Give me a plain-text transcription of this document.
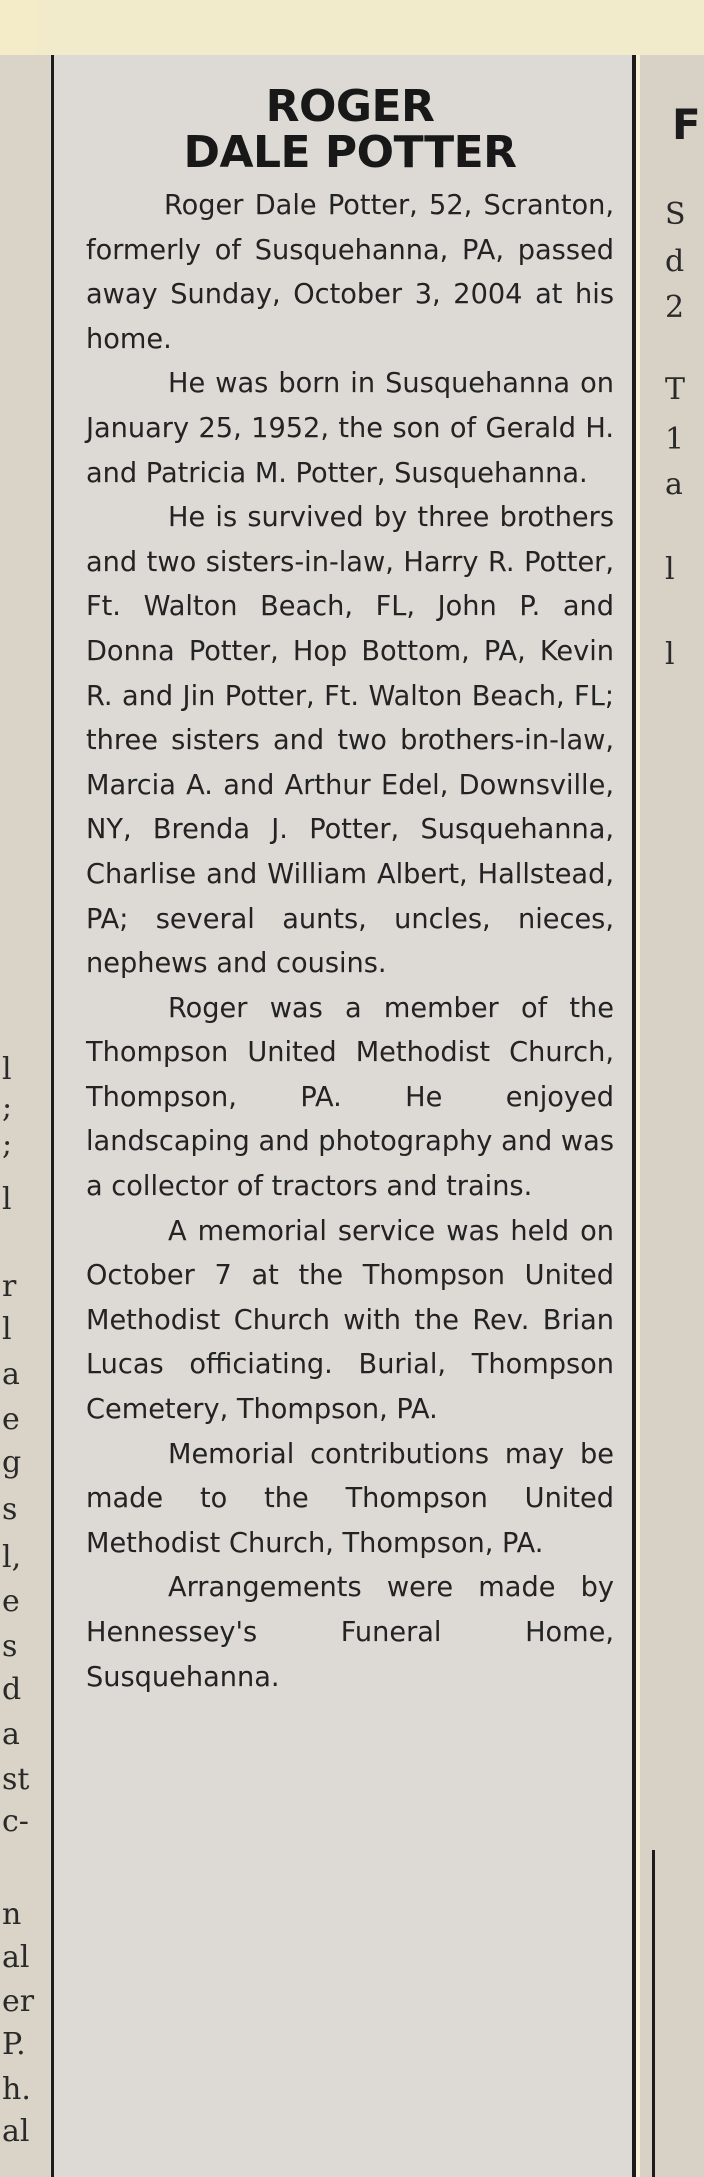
l
;
;
l
r
l
a
e
g
s
l,
e
s
d
a
st
c-
n
al
er
P.
h.
al
F
S
d
2
T
1
a
l
l
ROGER
DALE POTTER

Roger Dale Potter, 52, Scranton, formerly of Susquehanna, PA, passed away Sunday, October 3, 2004 at his home.

He was born in Susquehanna on January 25, 1952, the son of Gerald H. and Patricia M. Potter, Susquehanna.

He is survived by three brothers and two sisters-in-law, Harry R. Potter, Ft. Walton Beach, FL, John P. and Donna Potter, Hop Bottom, PA, Kevin R. and Jin Potter, Ft. Walton Beach, FL; three sisters and two brothers-in-law, Marcia A. and Arthur Edel, Downsville, NY, Brenda J. Potter, Susquehanna, Charlise and William Albert, Hallstead, PA; several aunts, uncles, nieces, nephews and cousins.

Roger was a member of the Thompson United Methodist Church, Thompson, PA. He enjoyed landscaping and photography and was a collector of tractors and trains.

A memorial service was held on October 7 at the Thompson United Methodist Church with the Rev. Brian Lucas officiating. Burial, Thompson Cemetery, Thompson, PA.

Memorial contributions may be made to the Thompson United Methodist Church, Thompson, PA.

Arrangements were made by Hennessey's Funeral Home, Susquehanna.
